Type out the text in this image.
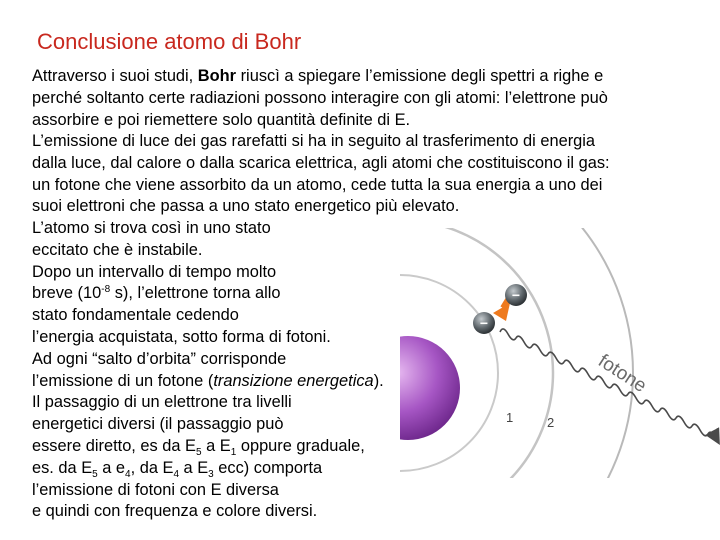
Conclusione atomo di Bohr

Attraverso i suoi studi, Bohr riuscì a spiegare l’emissione degli spettri a righe e
perché soltanto certe radiazioni possono interagire con gli atomi: l’elettrone può
assorbire e poi riemettere solo quantità definite di E.

L’emissione di luce dei gas rarefatti si ha in seguito al trasferimento di energia
dalla luce, dal calore o dalla scarica elettrica, agli atomi che costituiscono il gas:
un fotone che viene assorbito da un atomo, cede tutta la sua energia a uno dei
suoi elettroni che passa a uno stato energetico più elevato.

L’atomo si trova così in uno stato
eccitato che è instabile.
Dopo un intervallo di tempo molto
breve ($10^{-8}$ s), l’elettrone torna allo
stato fondamentale cedendo
l’energia acquistata, sotto forma di fotoni.
Ad ogni “salto d’orbita” corrisponde
l’emissione di un fotone (transizione energetica).
Il passaggio di un elettrone tra livelli
energetici diversi (il passaggio può
essere diretto, es da $E_5$ a $E_1$ oppure graduale,
es. da $E_5$ a $e_4$, da $E_4$ a $E_3$ ecc) comporta
l’emissione di fotoni con E diversa
e quindi con frequenza e colore diversi.

−
−
fotone
1	2
